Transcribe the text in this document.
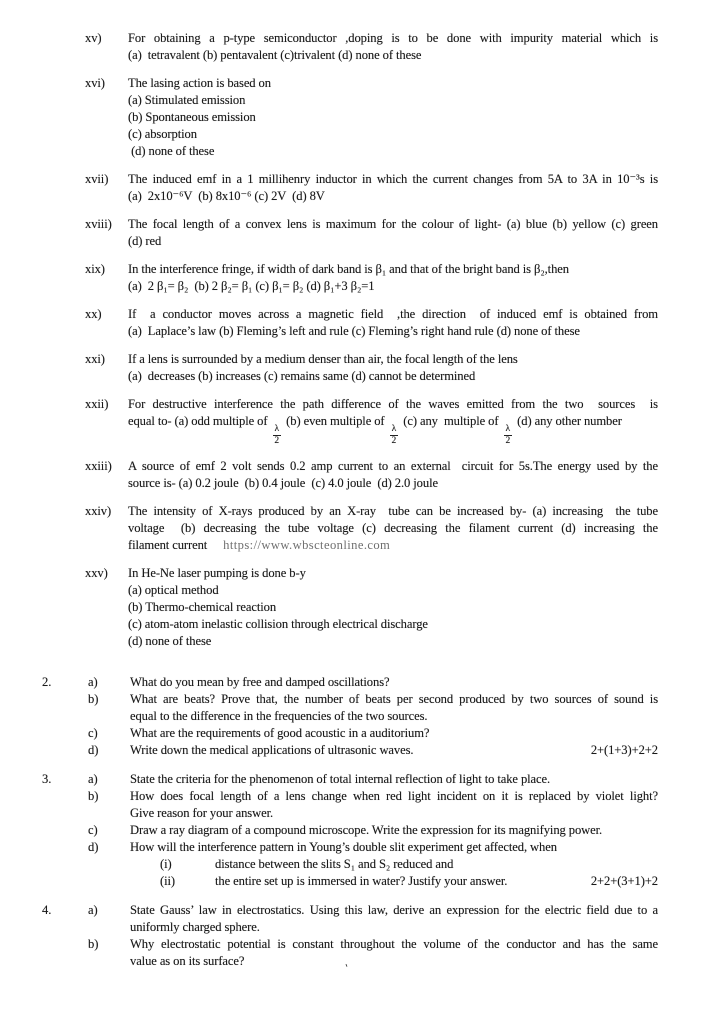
xv)	For obtaining a p-type semiconductor ,doping is to be done with impurity material which is
(a)  tetravalent (b) pentavalent (c)trivalent (d) none of these
xvi)	The lasing action is based on
(a) Stimulated emission
(b) Spontaneous emission
(c) absorption
(d) none of these
xvii)	The induced emf in a 1 millihenry inductor in which the current changes from 5A to 3A in 10⁻³s is
(a)  2x10⁻⁶V  (b) 8x10⁻⁶ (c) 2V  (d) 8V
xviii)	The focal length of a convex lens is maximum for the colour of light- (a) blue (b) yellow (c) green
(d) red
xix)	In the interference fringe, if width of dark band is β₁ and that of the bright band is β₂,then
(a)  2 β₁= β₂  (b) 2 β₂= β₁ (c) β₁= β₂ (d) β₁+3 β₂=1
xx)	If  a conductor moves across a magnetic field  ,the direction  of induced emf is obtained from
(a)  Laplace’s law (b) Fleming’s left and rule (c) Fleming’s right hand rule (d) none of these
xxi)	If a lens is surrounded by a medium denser than air, the focal length of the lens
(a)  decreases (b) increases (c) remains same (d) cannot be determined
xxii)	For destructive interference the path difference of the waves emitted from the two  sources  is
equal to- (a) odd multiple of
$\frac{\lambda}{2}$
(b) even multiple of
$\frac{\lambda}{2}$
(c) any  multiple of
$\frac{\lambda}{2}$
(d) any other number
xxiii)	A source of emf 2 volt sends 0.2 amp current to an external  circuit for 5s.The energy used by the
source is- (a) 0.2 joule  (b) 0.4 joule  (c) 4.0 joule  (d) 2.0 joule
xxiv)	The intensity of X-rays produced by an X-ray  tube can be increased by- (a) increasing  the tube
voltage  (b) decreasing the tube voltage (c) decreasing the filament current (d) increasing the
filament current https://www.wbscteonline.com
xxv)	In He-Ne laser pumping is done b-y
(a) optical method
(b) Thermo-chemical reaction
(c) atom-atom inelastic collision through electrical discharge
(d) none of these
2.	a)	What do you mean by free and damped oscillations?
b)	What are beats? Prove that, the number of beats per second produced by two sources of sound is
equal to the difference in the frequencies of the two sources.
c)	What are the requirements of good acoustic in a auditorium?
d)	Write down the medical applications of ultrasonic waves.	2+(1+3)+2+2
3.	a)	State the criteria for the phenomenon of total internal reflection of light to take place.
b)	How does focal length of a lens change when red light incident on it is replaced by violet light?
Give reason for your answer.
c)	Draw a ray diagram of a compound microscope. Write the expression for its magnifying power.
d)	How will the interference pattern in Young’s double slit experiment get affected, when
(i)	distance between the slits S₁ and S₂ reduced and
(ii)	the entire set up is immersed in water? Justify your answer.	2+2+(3+1)+2
4.	a)	State Gauss’ law in electrostatics. Using this law, derive an expression for the electric field due to a
uniformly charged sphere.
b)	Why electrostatic potential is constant throughout the volume of the conductor and has the same
value as on its surface?
‵
